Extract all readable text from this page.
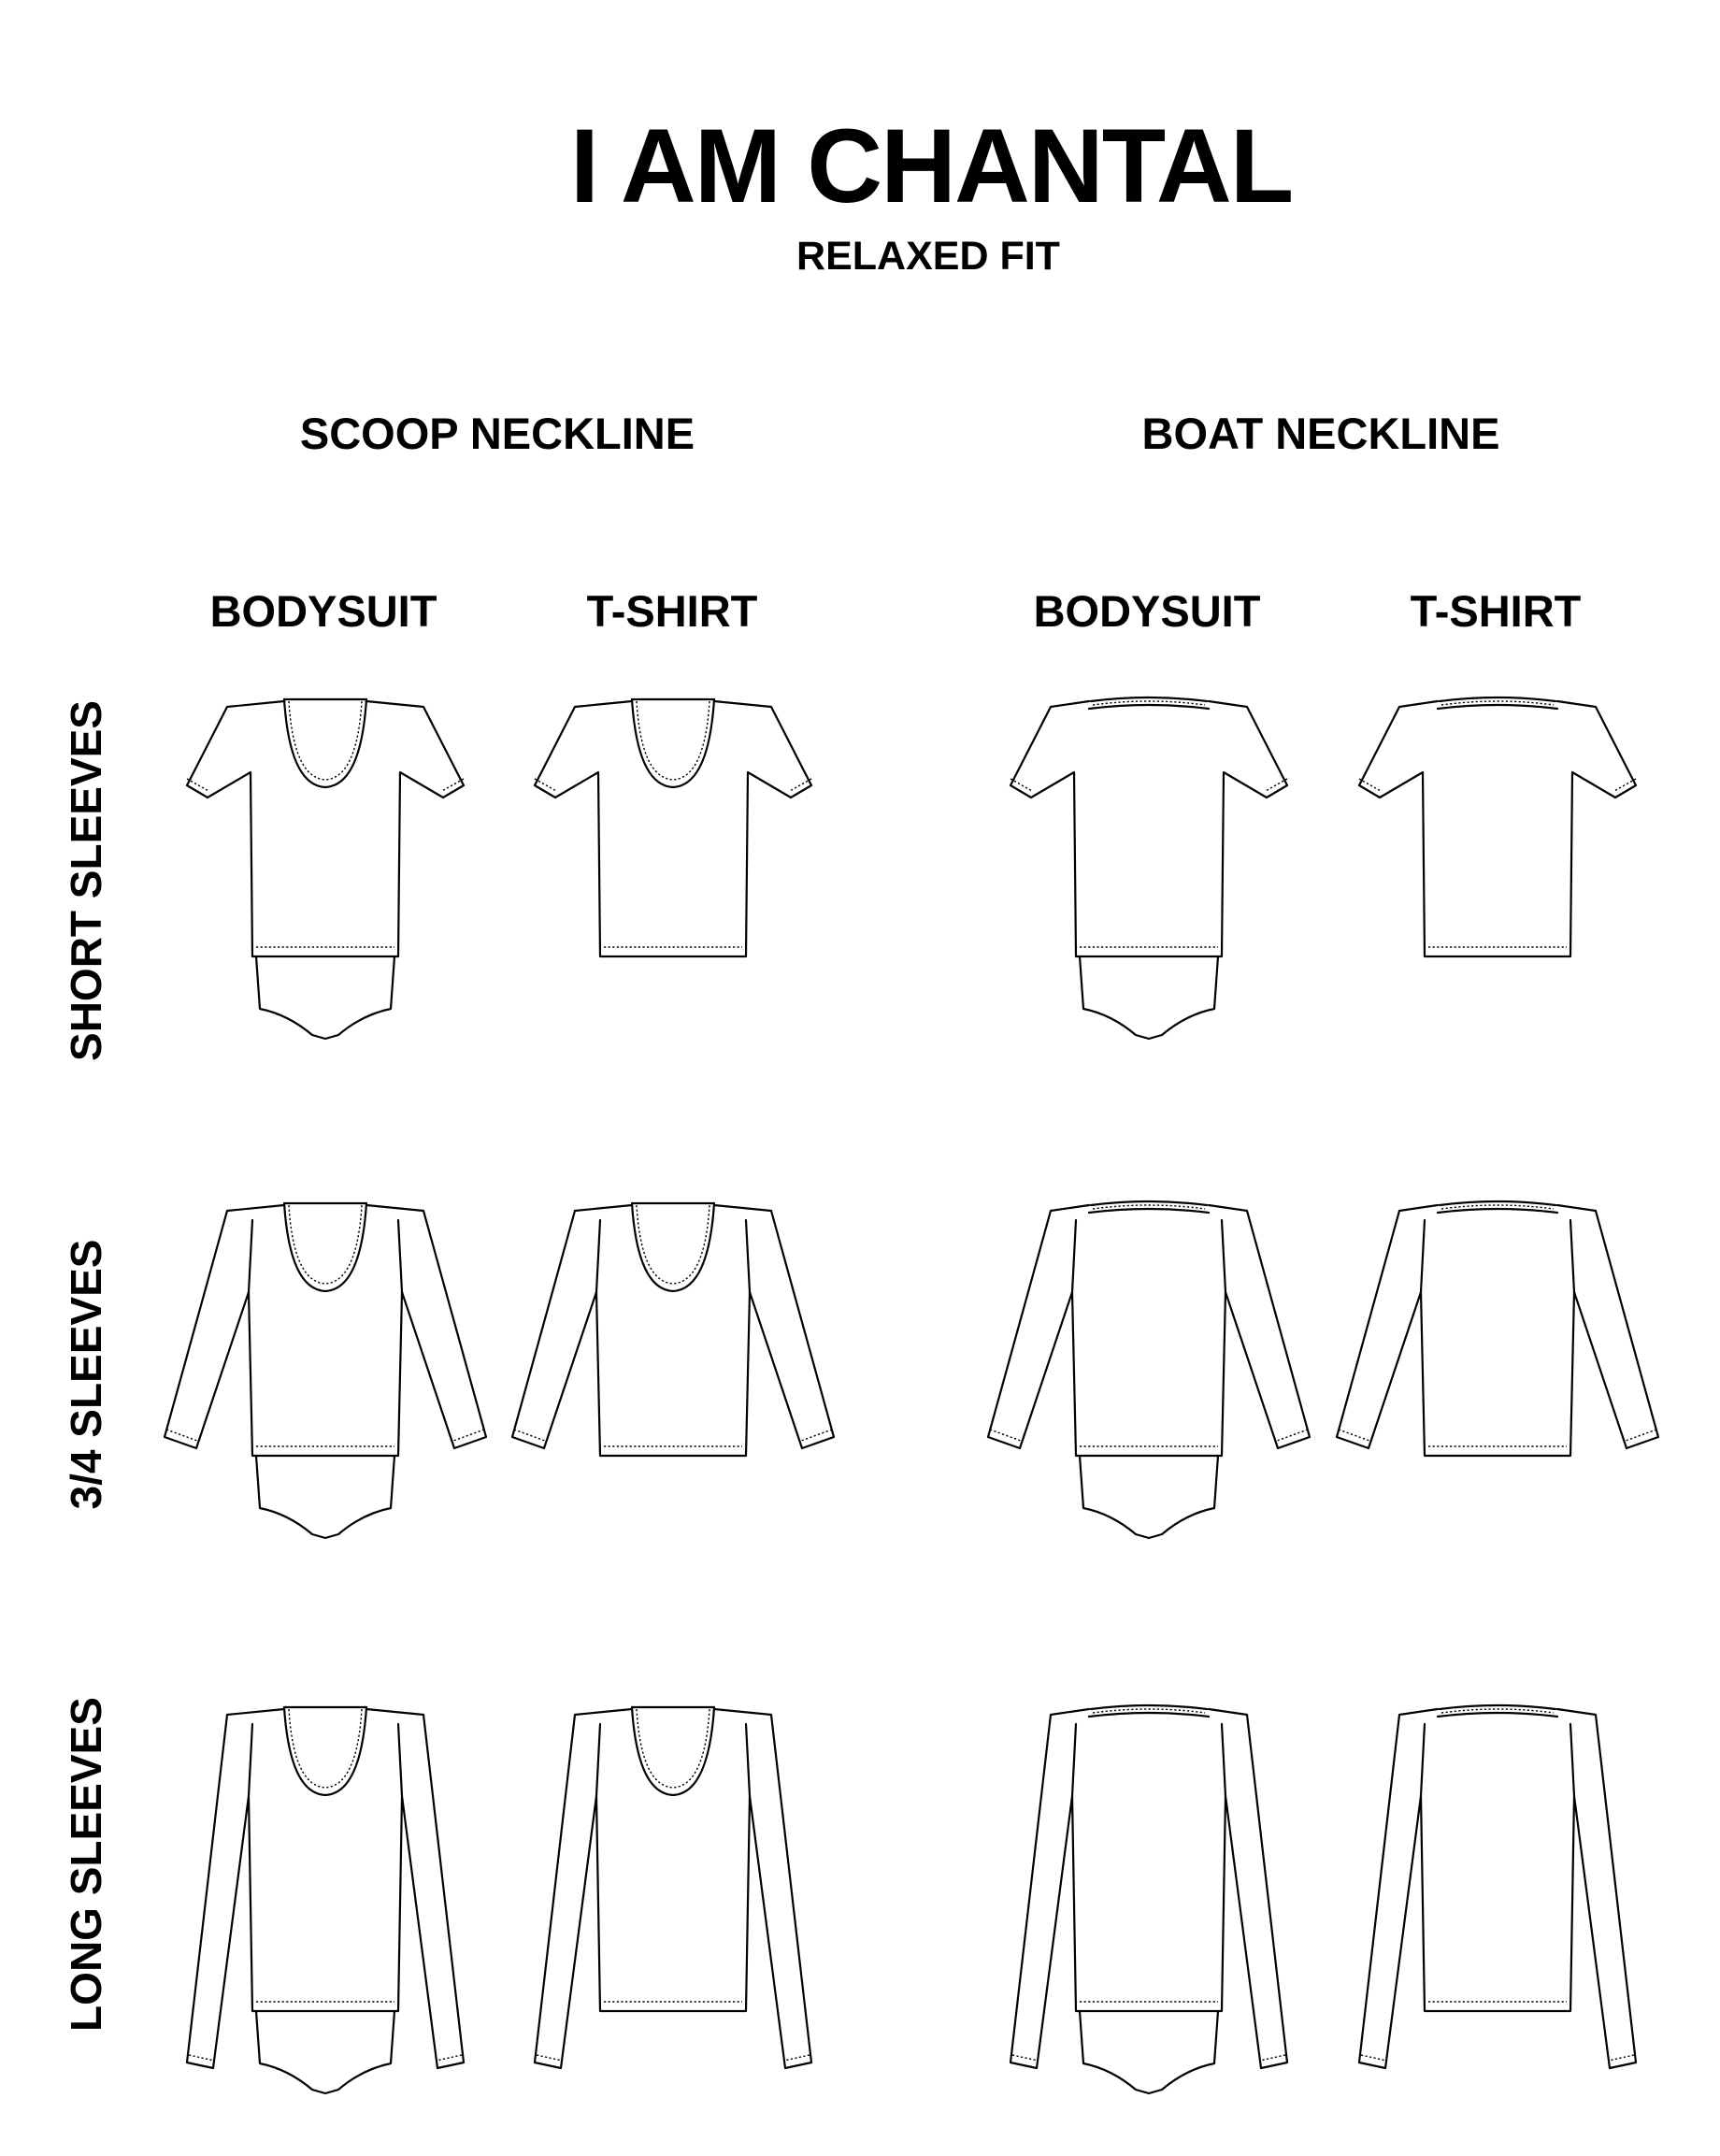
I AM CHANTAL
RELAXED FIT
SCOOP NECKLINE	BOAT NECKLINE
BODYSUIT	T-SHIRT	BODYSUIT	T-SHIRT
SHORT SLEEVES
3/4 SLEEVES
LONG SLEEVES
